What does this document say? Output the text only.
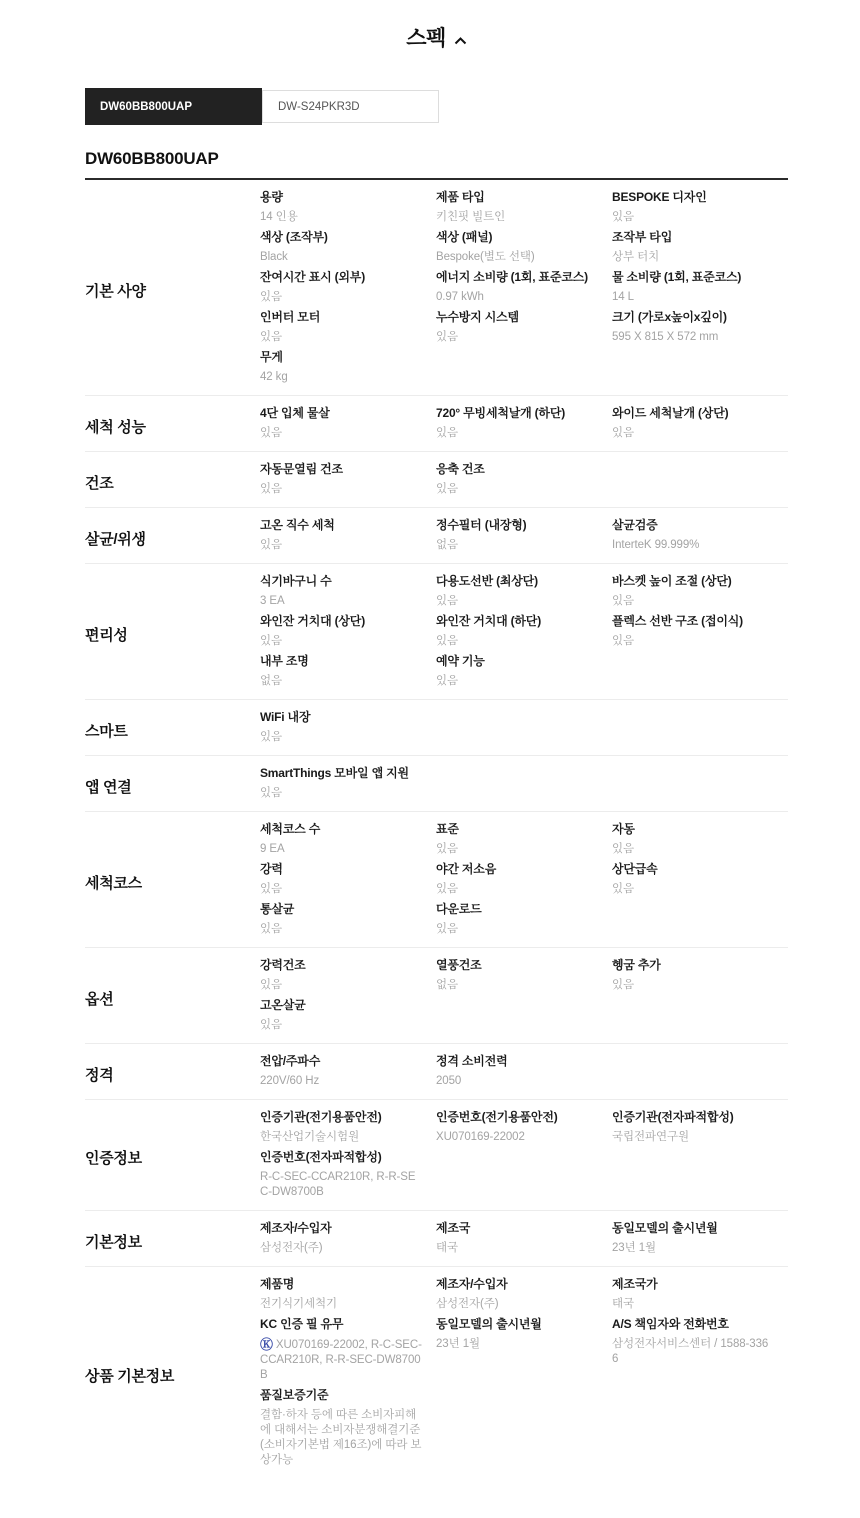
스펙
DW60BB800UAP	DW-S24PKR3D
DW60BB800UAP
기본 사양
용량
14 인용
제품 타입
키친핏 빌트인
BESPOKE 디자인
있음
색상 (조작부)
Black
색상 (패널)
Bespoke(별도 선택)
조작부 타입
상부 터치
잔여시간 표시 (외부)
있음
에너지 소비량 (1회, 표준코스)
0.97 kWh
물 소비량 (1회, 표준코스)
14 L
인버터 모터
있음
누수방지 시스템
있음
크기 (가로x높이x깊이)
595 X 815 X 572 mm
무게
42 kg
세척 성능
4단 입체 물살
있음
720° 무빙세척날개 (하단)
있음
와이드 세척날개 (상단)
있음
건조
자동문열림 건조
있음
응축 건조
있음
살균/위생
고온 직수 세척
있음
정수필터 (내장형)
없음
살균검증
InterteK 99.999%
편리성
식기바구니 수
3 EA
다용도선반 (최상단)
있음
바스켓 높이 조절 (상단)
있음
와인잔 거치대 (상단)
있음
와인잔 거치대 (하단)
있음
플렉스 선반 구조 (접이식)
있음
내부 조명
없음
예약 기능
있음
스마트
WiFi 내장
있음
앱 연결
SmartThings 모바일 앱 지원
있음
세척코스
세척코스 수
9 EA
표준
있음
자동
있음
강력
있음
야간 저소음
있음
상단급속
있음
통살균
있음
다운로드
있음
옵션
강력건조
있음
열풍건조
없음
헹굼 추가
있음
고온살균
있음
정격
전압/주파수
220V/60 Hz
정격 소비전력
2050
인증정보
인증기관(전기용품안전)
한국산업기술시험원
인증번호(전기용품안전)
XU070169-22002
인증기관(전자파적합성)
국립전파연구원
인증번호(전자파적합성)
R-C-SEC-CCAR210R, R-R-SEC-DW8700B
기본정보
제조자/수입자
삼성전자(주)
제조국
태국
동일모델의 출시년월
23년 1월
상품 기본정보
제품명
전기식기세척기
제조자/수입자
삼성전자(주)
제조국가
태국
KC 인증 필 유무
Ⓚ XU070169-22002, R-C-SEC-CCAR210R, R-R-SEC-DW8700B
동일모델의 출시년월
23년 1월
A/S 책임자와 전화번호
삼성전자서비스센터 / 1588-3366
품질보증기준
결함·하자 등에 따른 소비자피해에 대해서는 소비자분쟁해결기준(소비자기본법 제16조)에 따라 보상가능
